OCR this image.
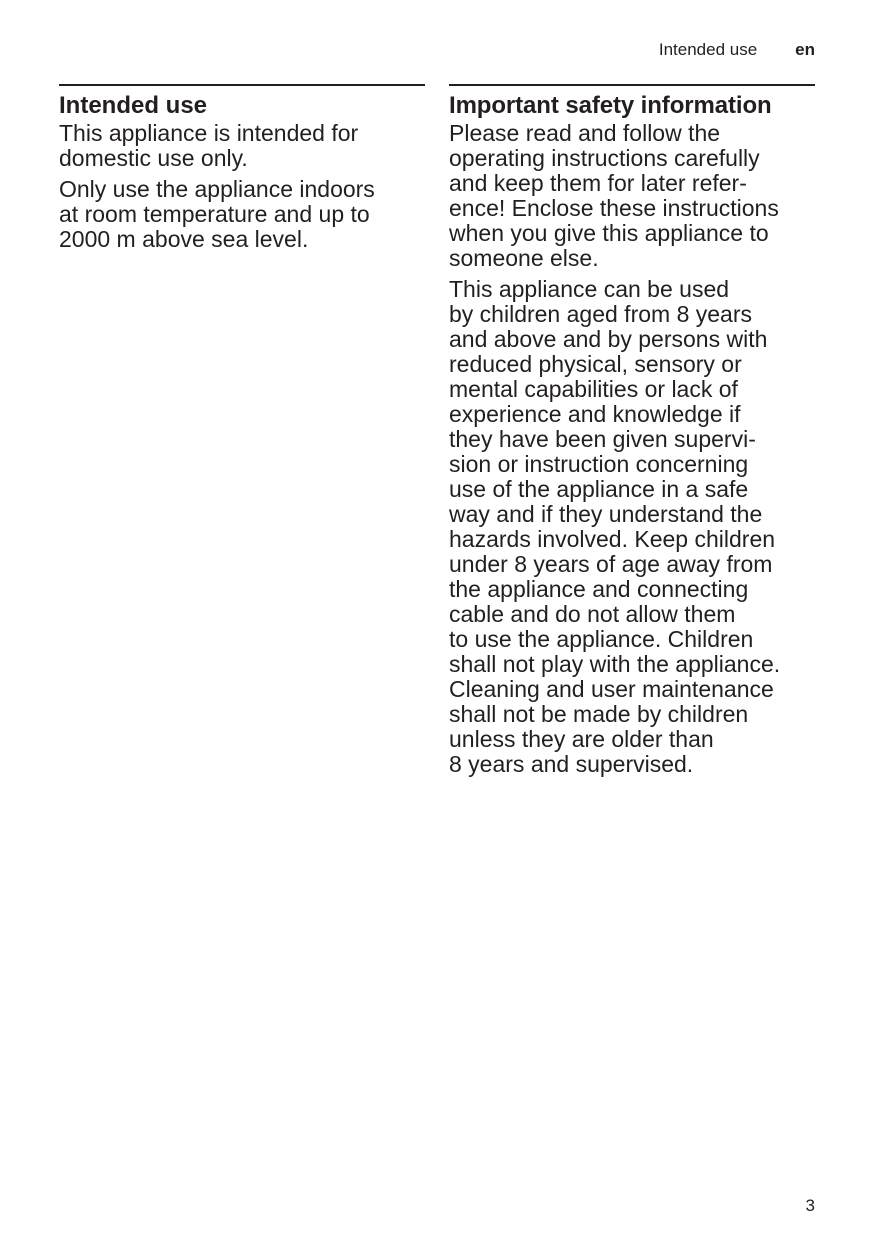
Intended use en
Intended use

This appliance is intended for
domestic use only.

Only use the appliance indoors
at room temperature and up to
2000 m above sea level.

Important safety information

Please read and follow the
operating instructions carefully
and keep them for later refer-
ence! Enclose these instructions
when you give this appliance to
someone else.

This appliance can be used
by children aged from 8 years
and above and by persons with
reduced physical, sensory or
mental capabilities or lack of
experience and knowledge if
they have been given supervi-
sion or instruction concerning
use of the appliance in a safe
way and if they understand the
hazards involved. Keep children
under 8 years of age away from
the appliance and connecting
cable and do not allow them
to use the appliance. Children
shall not play with the appliance.
Cleaning and user maintenance
shall not be made by children
unless they are older than
8 years and supervised.

3
